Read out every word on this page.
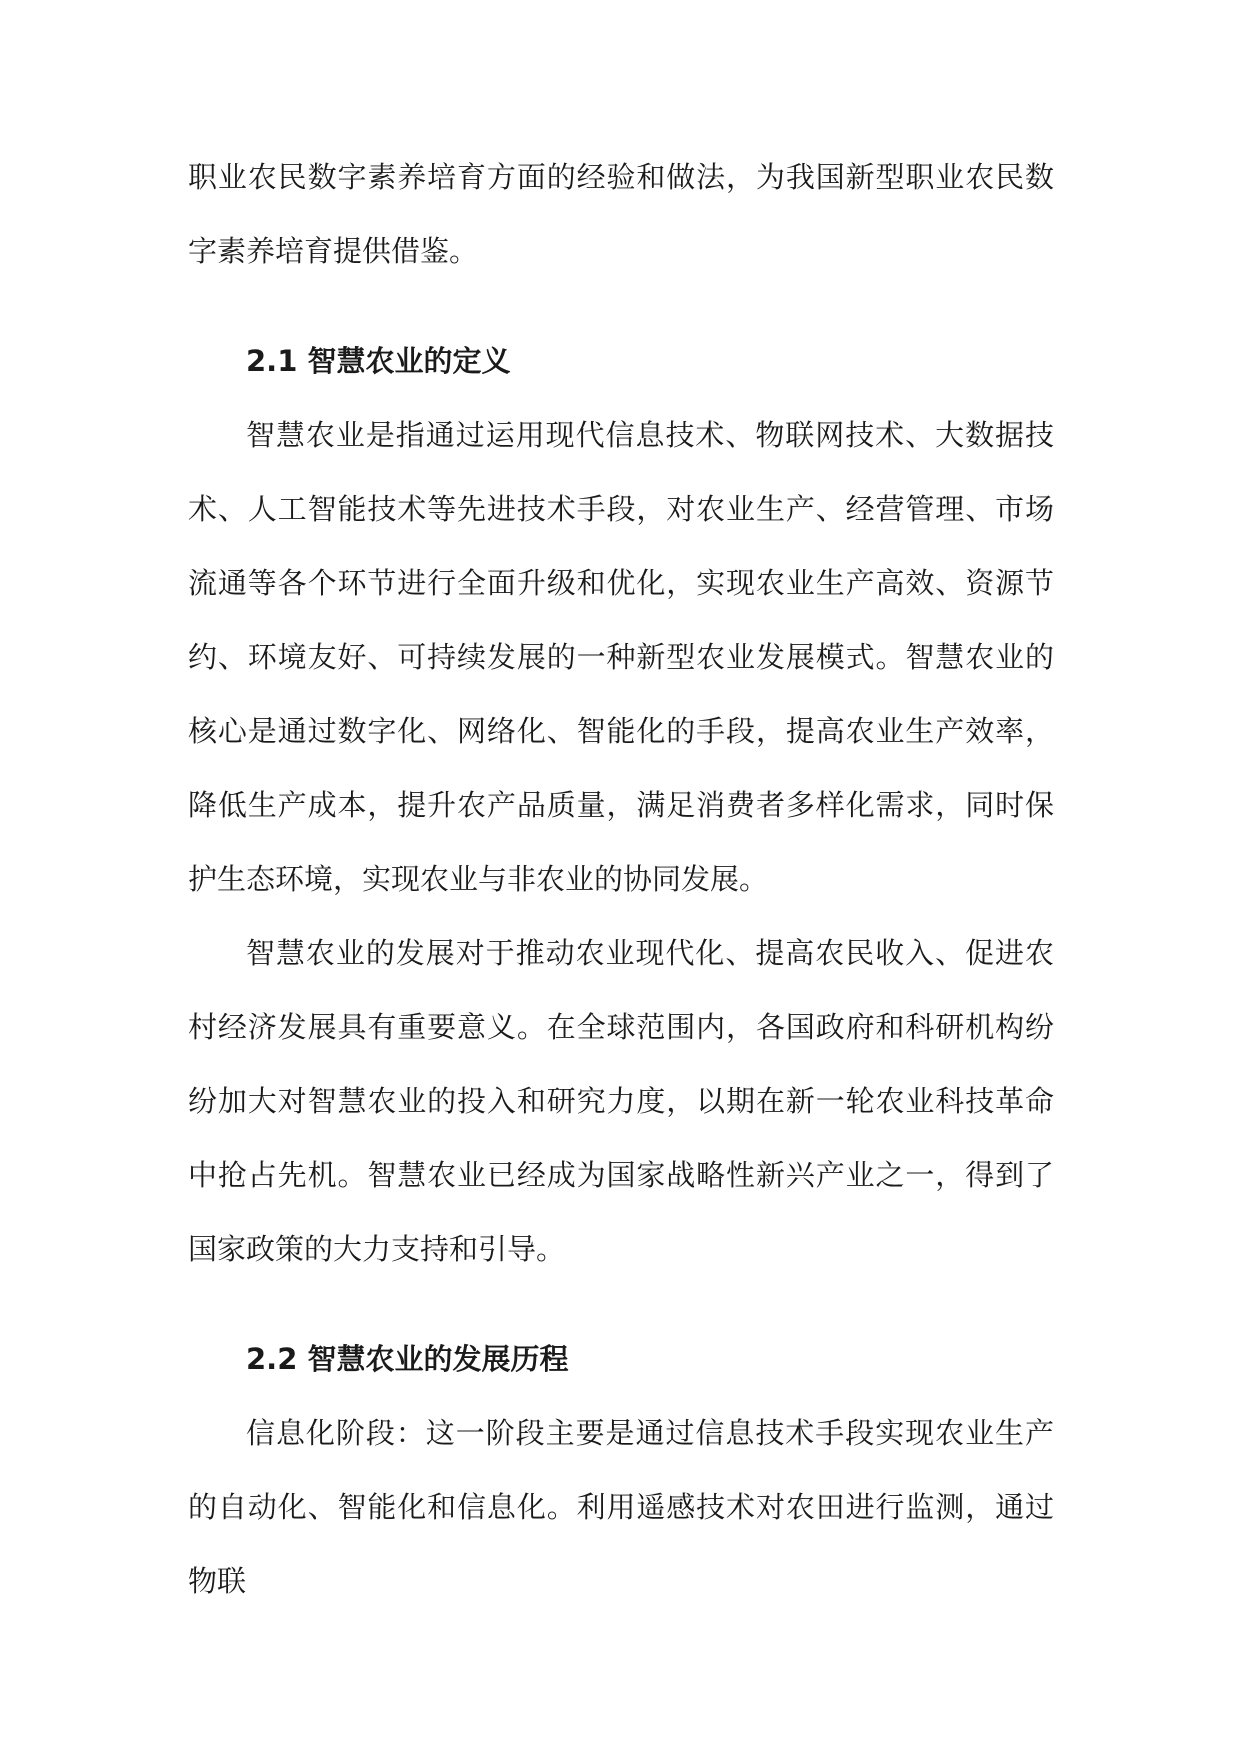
职业农民数字素养培育方面的经验和做法，为我国新型职业农民数字素养培育提供借鉴。

2.1 智慧农业的定义

智慧农业是指通过运用现代信息技术、物联网技术、大数据技术、人工智能技术等先进技术手段，对农业生产、经营管理、市场流通等各个环节进行全面升级和优化，实现农业生产高效、资源节约、环境友好、可持续发展的一种新型农业发展模式。智慧农业的核心是通过数字化、网络化、智能化的手段，提高农业生产效率，降低生产成本，提升农产品质量，满足消费者多样化需求，同时保护生态环境，实现农业与非农业的协同发展。

智慧农业的发展对于推动农业现代化、提高农民收入、促进农村经济发展具有重要意义。在全球范围内，各国政府和科研机构纷纷加大对智慧农业的投入和研究力度，以期在新一轮农业科技革命中抢占先机。智慧农业已经成为国家战略性新兴产业之一，得到了国家政策的大力支持和引导。

2.2 智慧农业的发展历程

信息化阶段：这一阶段主要是通过信息技术手段实现农业生产的自动化、智能化和信息化。利用遥感技术对农田进行监测，通过物联
